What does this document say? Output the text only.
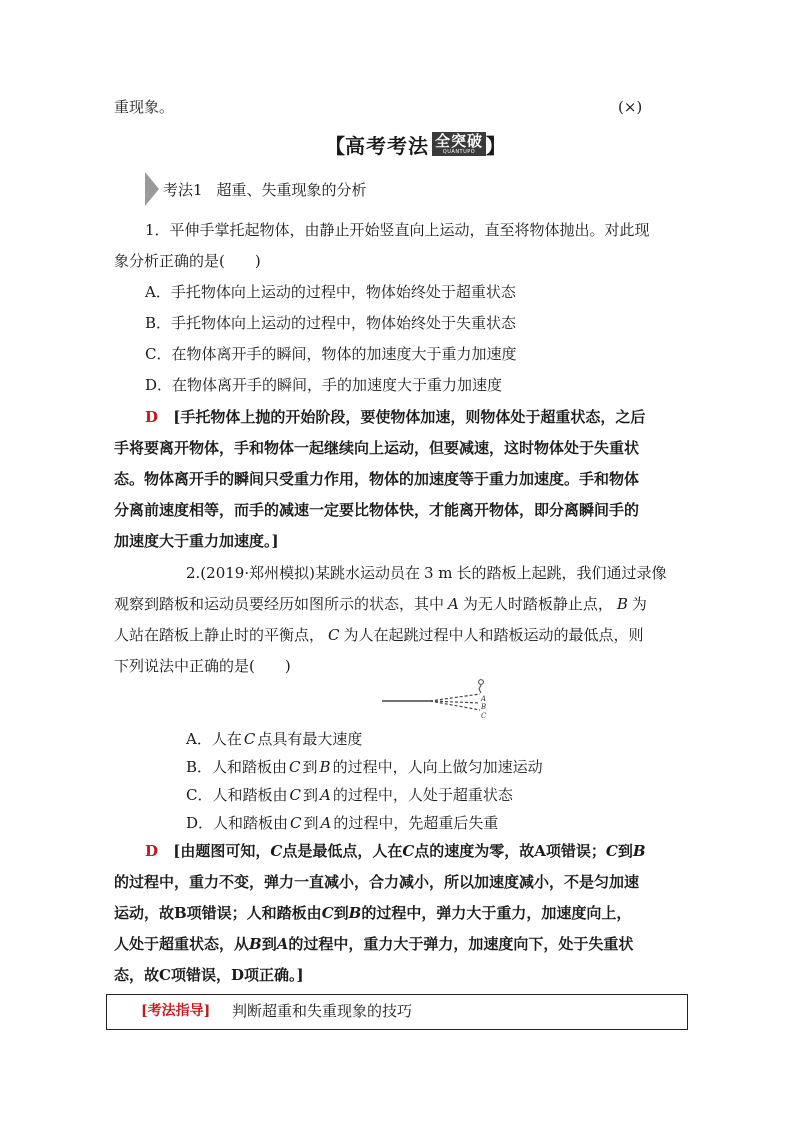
重现象。	(×)
【 高考考法 全突破
QUANTUPO 】
考法1 超重、失重现象的分析
1．平伸手掌托起物体，由静止开始竖直向上运动，直至将物体抛出。对此现
象分析正确的是(　　)
A．手托物体向上运动的过程中，物体始终处于超重状态
B．手托物体向上运动的过程中，物体始终处于失重状态
C．在物体离开手的瞬间，物体的加速度大于重力加速度
D．在物体离开手的瞬间，手的加速度大于重力加速度
D [手托物体上抛的开始阶段，要使物体加速，则物体处于超重状态，之后
手将要离开物体，手和物体一起继续向上运动，但要减速，这时物体处于失重状
态。物体离开手的瞬间只受重力作用，物体的加速度等于重力加速度。手和物体
分离前速度相等，而手的减速一定要比物体快，才能离开物体，即分离瞬间手的
加速度大于重力加速度。]
2.(2019·郑州模拟)某跳水运动员在 3 m 长的踏板上起跳，我们通过录像
观察到踏板和运动员要经历如图所示的状态，其中 A 为无人时踏板静止点， B 为
人站在踏板上静止时的平衡点， C 为人在起跳过程中人和踏板运动的最低点，则
下列说法中正确的是(　　)
A
B
C
A．人在 C 点具有最大速度
B．人和踏板由 C 到 B 的过程中，人向上做匀加速运动
C．人和踏板由 C 到 A 的过程中，人处于超重状态
D．人和踏板由 C 到 A 的过程中，先超重后失重
D [由题图可知，C点是最低点，人在C点的速度为零，故A项错误；C到B
的过程中，重力不变，弹力一直减小，合力减小，所以加速度减小，不是匀加速
运动，故B项错误；人和踏板由C到B的过程中，弹力大于重力，加速度向上，
人处于超重状态，从B到A的过程中，重力大于弹力，加速度向下，处于失重状
态，故C项错误，D项正确。]
[考法指导] 判断超重和失重现象的技巧
